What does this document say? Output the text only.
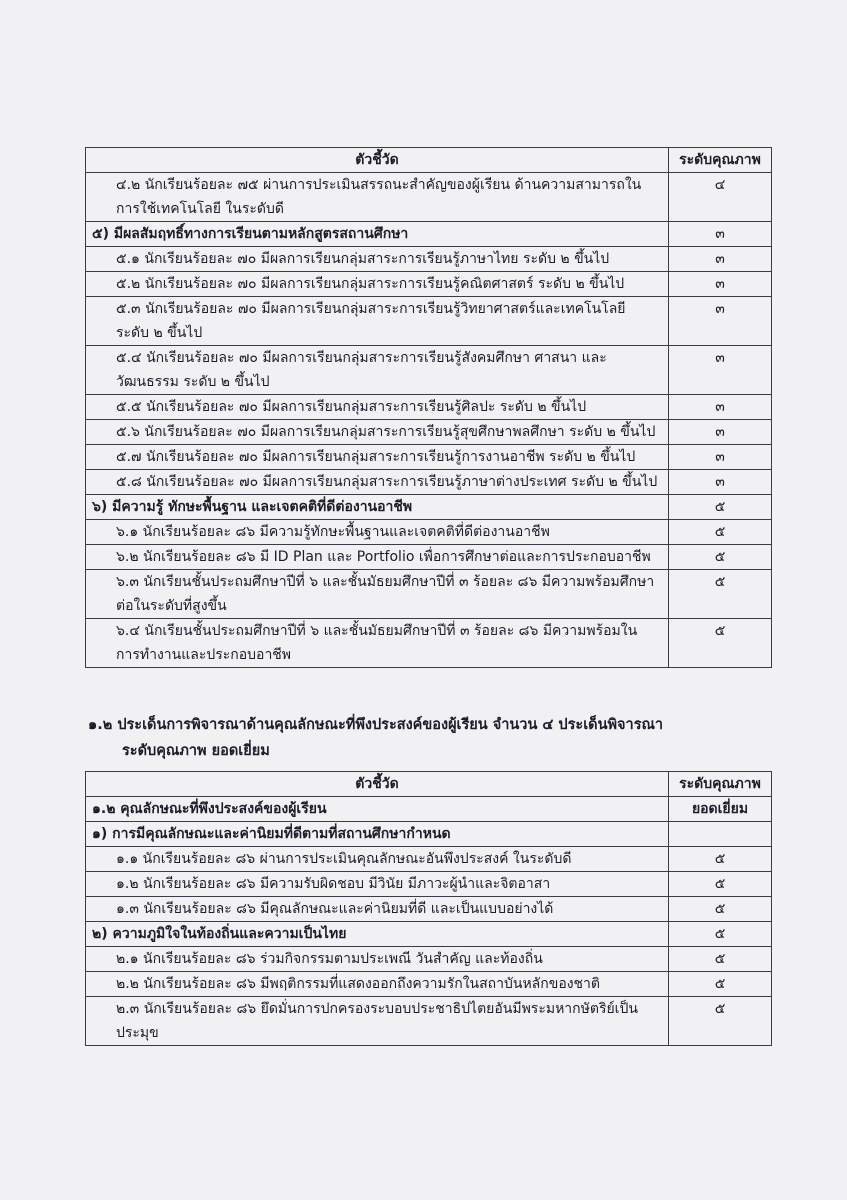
ตัวชี้วัด	ระดับคุณภาพ
๔.๒ นักเรียนร้อยละ ๗๕ ผ่านการประเมินสรรถนะสำคัญของผู้เรียน ด้านความสามารถในการใช้เทคโนโลยี ในระดับดี	๔
๕) มีผลสัมฤทธิ์ทางการเรียนตามหลักสูตรสถานศึกษา	๓
๕.๑ นักเรียนร้อยละ ๗๐ มีผลการเรียนกลุ่มสาระการเรียนรู้ภาษาไทย ระดับ ๒ ขึ้นไป	๓
๕.๒ นักเรียนร้อยละ ๗๐ มีผลการเรียนกลุ่มสาระการเรียนรู้คณิตศาสตร์ ระดับ ๒ ขึ้นไป	๓
๕.๓ นักเรียนร้อยละ ๗๐ มีผลการเรียนกลุ่มสาระการเรียนรู้วิทยาศาสตร์และเทคโนโลยี ระดับ ๒ ขึ้นไป	๓
๕.๔ นักเรียนร้อยละ ๗๐ มีผลการเรียนกลุ่มสาระการเรียนรู้สังคมศึกษา ศาสนา และวัฒนธรรม ระดับ ๒ ขึ้นไป	๓
๕.๕ นักเรียนร้อยละ ๗๐ มีผลการเรียนกลุ่มสาระการเรียนรู้ศิลปะ ระดับ ๒ ขึ้นไป	๓
๕.๖ นักเรียนร้อยละ ๗๐ มีผลการเรียนกลุ่มสาระการเรียนรู้สุขศึกษาพลศึกษา ระดับ ๒ ขึ้นไป	๓
๕.๗ นักเรียนร้อยละ ๗๐ มีผลการเรียนกลุ่มสาระการเรียนรู้การงานอาชีพ ระดับ ๒ ขึ้นไป	๓
๕.๘ นักเรียนร้อยละ ๗๐ มีผลการเรียนกลุ่มสาระการเรียนรู้ภาษาต่างประเทศ ระดับ ๒ ขึ้นไป	๓
๖) มีความรู้ ทักษะพื้นฐาน และเจตคติที่ดีต่องานอาชีพ	๕
๖.๑ นักเรียนร้อยละ ๘๖ มีความรู้ทักษะพื้นฐานและเจตคติที่ดีต่องานอาชีพ	๕
๖.๒ นักเรียนร้อยละ ๘๖ มี ID Plan และ Portfolio เพื่อการศึกษาต่อและการประกอบอาชีพ	๕
๖.๓ นักเรียนชั้นประถมศึกษาปีที่ ๖ และชั้นมัธยมศึกษาปีที่ ๓ ร้อยละ ๘๖ มีความพร้อมศึกษาต่อในระดับที่สูงขึ้น	๕
๖.๔ นักเรียนชั้นประถมศึกษาปีที่ ๖ และชั้นมัธยมศึกษาปีที่ ๓ ร้อยละ ๘๖ มีความพร้อมในการทำงานและประกอบอาชีพ	๕
๑.๒ ประเด็นการพิจารณาด้านคุณลักษณะที่พึงประสงค์ของผู้เรียน จำนวน ๔ ประเด็นพิจารณา
ระดับคุณภาพ ยอดเยี่ยม
ตัวชี้วัด	ระดับคุณภาพ
๑.๒ คุณลักษณะที่พึงประสงค์ของผู้เรียน	ยอดเยี่ยม
๑) การมีคุณลักษณะและค่านิยมที่ดีตามที่สถานศึกษากำหนด	
๑.๑ นักเรียนร้อยละ ๘๖ ผ่านการประเมินคุณลักษณะอันพึงประสงค์ ในระดับดี	๕
๑.๒ นักเรียนร้อยละ ๘๖ มีความรับผิดชอบ มีวินัย มีภาวะผู้นำและจิตอาสา	๕
๑.๓ นักเรียนร้อยละ ๘๖ มีคุณลักษณะและค่านิยมที่ดี และเป็นแบบอย่างได้	๕
๒) ความภูมิใจในท้องถิ่นและความเป็นไทย	๕
๒.๑ นักเรียนร้อยละ ๘๖ ร่วมกิจกรรมตามประเพณี วันสำคัญ และท้องถิ่น	๕
๒.๒ นักเรียนร้อยละ ๘๖ มีพฤติกรรมที่แสดงออกถึงความรักในสถาบันหลักของชาติ	๕
๒.๓ นักเรียนร้อยละ ๘๖ ยึดมั่นการปกครองระบอบประชาธิปไตยอันมีพระมหากษัตริย์เป็นประมุข	๕
